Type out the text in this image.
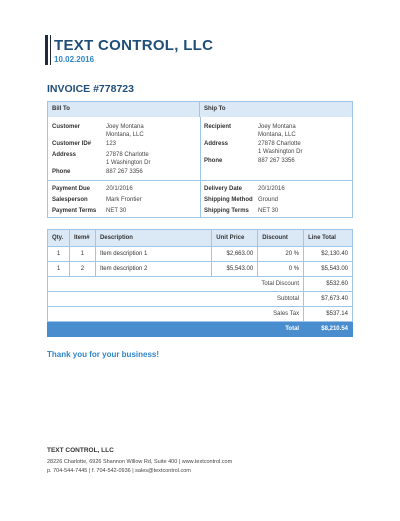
TEXT CONTROL, LLC
10.02.2016
INVOICE #778723
Bill To	Ship To
Customer	Joey Montana
Montana, LLC
Customer ID#	123
Address	27878 Charlotte
1 Washington Dr
Phone	887 267 3356
Payment Due	20/1/2016
Salesperson	Mark Frontier
Payment Terms	NET 30
Recipient	Joey Montana
Montana, LLC
Address	27878 Charlotte
1 Washington Dr
Phone	887 267 3356
Delivery Date	20/1/2016
Shipping Method Ground
Shipping Terms	NET 30
Qty.	Item#	Description	Unit Price	Discount	Line Total
1	1	Item description 1	$2,663.00	20 %	$2,130.40
1	2	Item description 2	$5,543.00	0 %	$5,543.00
Total Discount					$532.60
Subtotal					$7,673.40
Sales Tax					$537.14
Total					$8,210.54
Thank you for your business!
TEXT CONTROL, LLC
28226 Charlotte, 6926 Shannon Willow Rd, Suite 400 | www.textcontrol.com
p. 704-544-7445 | f. 704-542-0936 | sales@textcontrol.com
